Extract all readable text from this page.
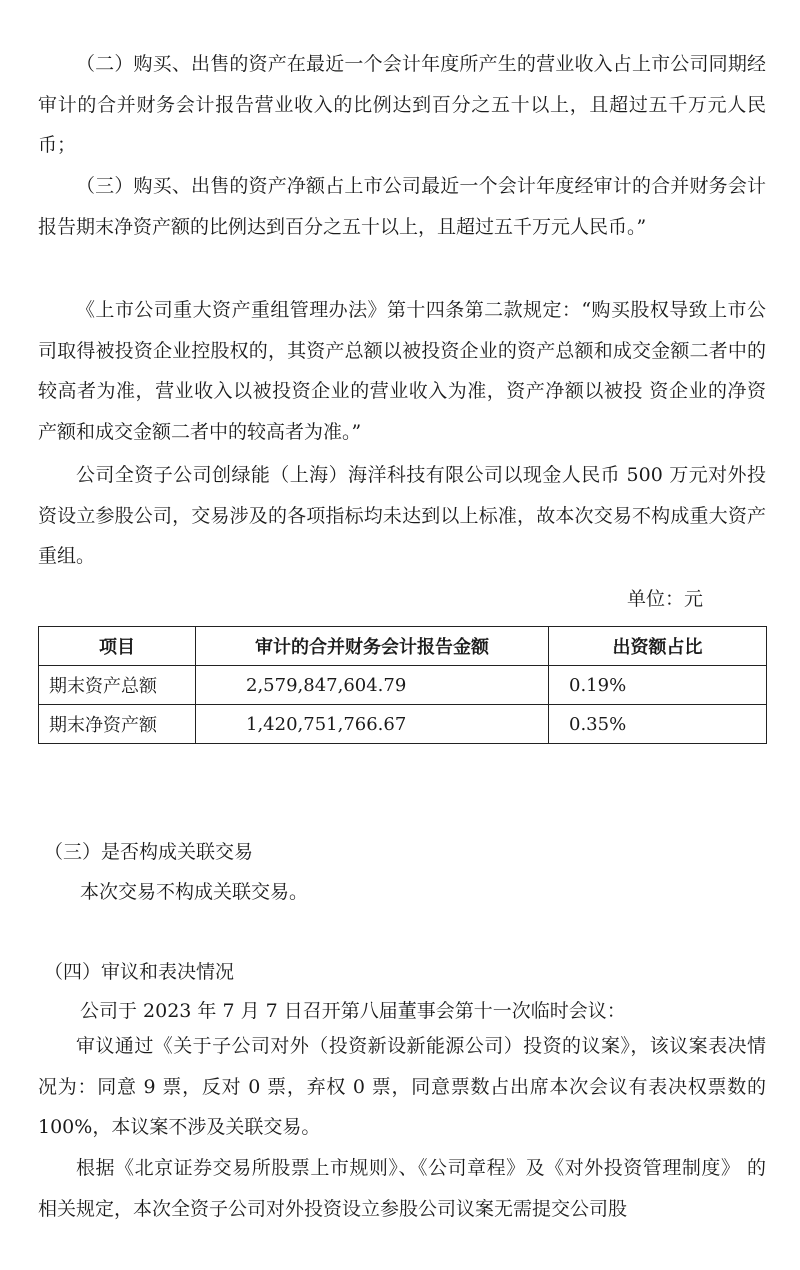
（二）购买、出售的资产在最近一个会计年度所产生的营业收入占上市公司同期经审计的合并财务会计报告营业收入的比例达到百分之五十以上，且超过五千万元人民币；

（三）购买、出售的资产净额占上市公司最近一个会计年度经审计的合并财务会计报告期末净资产额的比例达到百分之五十以上，且超过五千万元人民币。”

《上市公司重大资产重组管理办法》第十四条第二款规定：“购买股权导致上市公司取得被投资企业控股权的，其资产总额以被投资企业的资产总额和成交金额二者中的较高者为准，营业收入以被投资企业的营业收入为准，资产净额以被投 资企业的净资产额和成交金额二者中的较高者为准。”

公司全资子公司创绿能（上海）海洋科技有限公司以现金人民币 500 万元对外投资设立参股公司，交易涉及的各项指标均未达到以上标准，故本次交易不构成重大资产重组。

单位：元

项目	审计的合并财务会计报告金额	出资额占比
期末资产总额	2,579,847,604.79	0.19%
期末净资产额	1,420,751,766.67	0.35%

（三）是否构成关联交易

本次交易不构成关联交易。

（四）审议和表决情况

公司于 2023 年 7 月 7 日召开第八届董事会第十一次临时会议：

审议通过《关于子公司对外（投资新设新能源公司）投资的议案》，该议案表决情况为：同意 9 票，反对 0 票，弃权 0 票，同意票数占出席本次会议有表决权票数的 100%，本议案不涉及关联交易。

根据《北京证券交易所股票上市规则》、《公司章程》及《对外投资管理制度》 的相关规定，本次全资子公司对外投资设立参股公司议案无需提交公司股
